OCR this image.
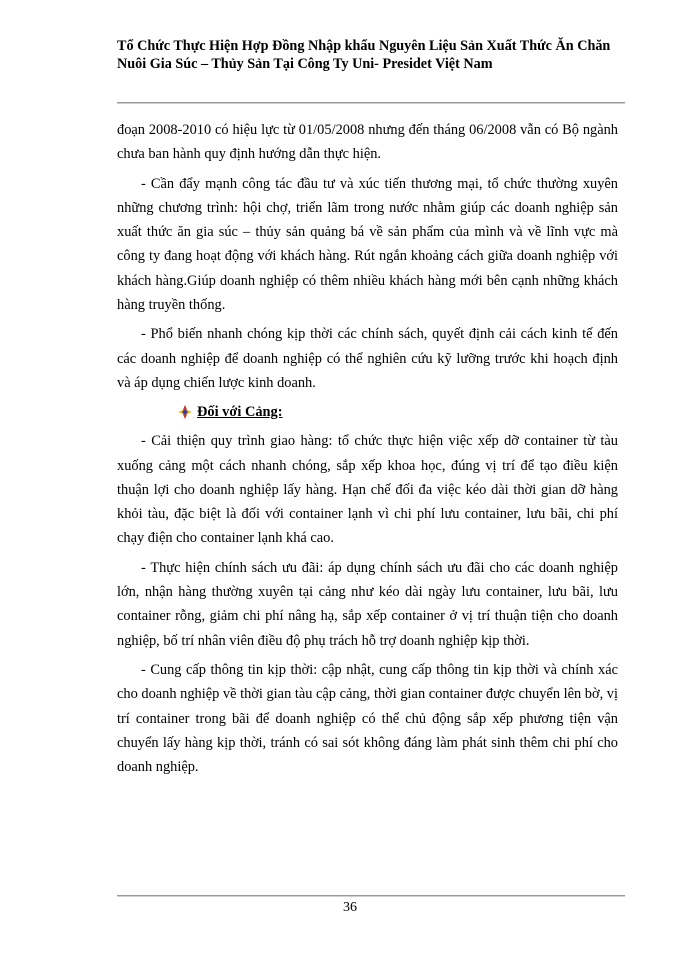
Tổ Chức Thực Hiện Hợp Đồng Nhập khẩu Nguyên Liệu Sản Xuất Thức Ăn Chăn Nuôi Gia Súc – Thủy Sản Tại Công Ty Uni- Presidet Việt Nam

đoạn 2008-2010 có hiệu lực từ 01/05/2008 nhưng đến tháng 06/2008 vẫn có Bộ ngành chưa ban hành quy định hướng dẫn thực hiện.

- Cần đẩy mạnh công tác đầu tư và xúc tiến thương mại, tổ chức thường xuyên những chương trình: hội chợ, triển lãm trong nước nhằm giúp các doanh nghiệp sản xuất thức ăn gia súc – thủy sản quảng bá về sản phẩm của mình và về lĩnh vực mà công ty đang hoạt động với khách hàng. Rút ngắn khoảng cách giữa doanh nghiệp với khách hàng.Giúp doanh nghiệp có thêm nhiều khách hàng mới bên cạnh những khách hàng truyền thống.

- Phổ biến nhanh chóng kịp thời các chính sách, quyết định cải cách kinh tế đến các doanh nghiệp để doanh nghiệp có thể nghiên cứu kỹ lưỡng trước khi hoạch định và áp dụng chiến lược kinh doanh.

Đối với Cảng:

- Cải thiện quy trình giao hàng: tổ chức thực hiện việc xếp dỡ container từ tàu xuống cảng một cách nhanh chóng, sắp xếp khoa học, đúng vị trí để tạo điều kiện thuận lợi cho doanh nghiệp lấy hàng. Hạn chế đối đa việc kéo dài thời gian dỡ hàng khỏi tàu, đặc biệt là đối với container lạnh vì chi phí lưu container, lưu bãi, chi phí chạy điện cho container lạnh khá cao.

- Thực hiện chính sách ưu đãi: áp dụng chính sách ưu đãi cho các doanh nghiệp lớn, nhận hàng thường xuyên tại cảng như kéo dài ngày lưu container, lưu bãi, lưu container rỗng, giảm chi phí nâng hạ, sắp xếp container ở vị trí thuận tiện cho doanh nghiệp, bố trí nhân viên điều độ phụ trách hỗ trợ doanh nghiệp kịp thời.

- Cung cấp thông tin kịp thời: cập nhật, cung cấp thông tin kịp thời và chính xác cho doanh nghiệp về thời gian tàu cập cảng, thời gian container được chuyển lên bờ, vị trí container trong bãi để doanh nghiệp có thể chủ động sắp xếp phương tiện vận chuyển lấy hàng kịp thời, tránh có sai sót không đáng làm phát sinh thêm chi phí cho doanh nghiệp.

36
